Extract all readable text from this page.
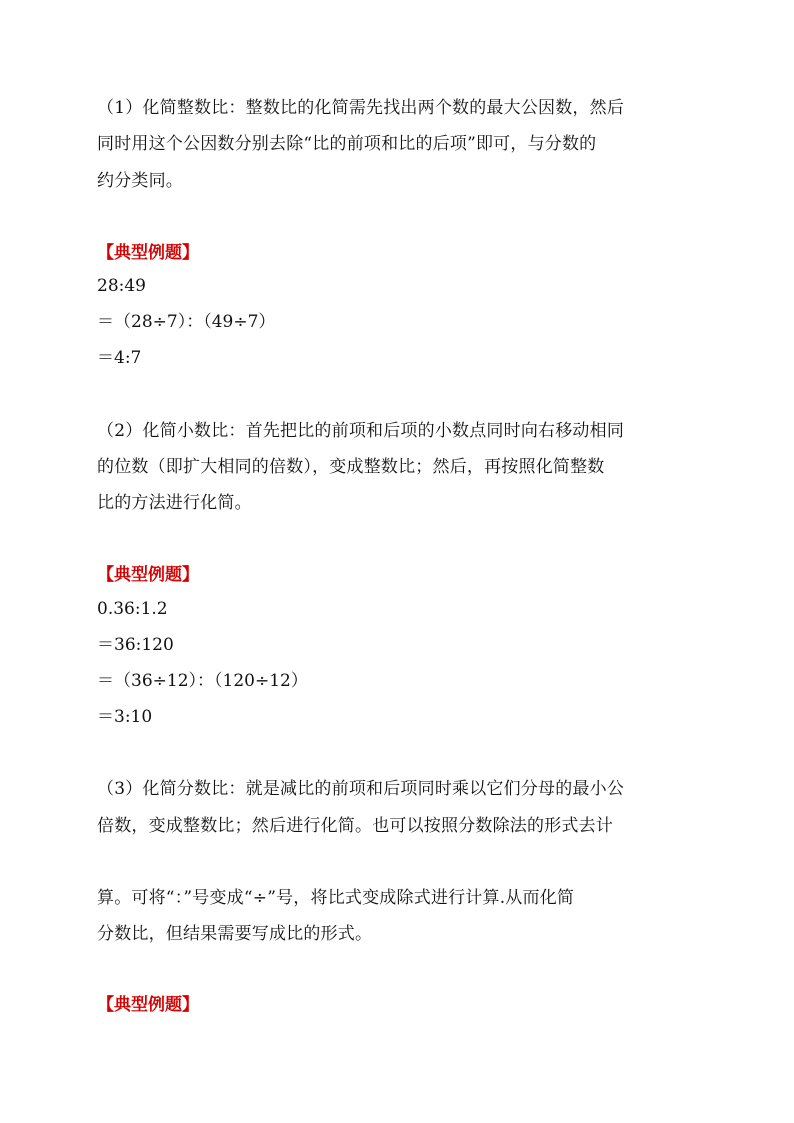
（1）化简整数比：整数比的化简需先找出两个数的最大公因数，然后
同时用这个公因数分别去除“比的前项和比的后项”即可，与分数的
约分类同。
【典型例题】
28:49
＝（28÷7）：（49÷7）
＝4:7
（2）化简小数比：首先把比的前项和后项的小数点同时向右移动相同
的位数（即扩大相同的倍数），变成整数比；然后，再按照化简整数
比的方法进行化简。
【典型例题】
0.36:1.2
＝36:120
＝（36÷12）：（120÷12）
＝3:10
（3）化简分数比：就是减比的前项和后项同时乘以它们分母的最小公
倍数，变成整数比；然后进行化简。也可以按照分数除法的形式去计
算。可将“：”号变成“÷”号，将比式变成除式进行计算.从而化简
分数比，但结果需要写成比的形式。
【典型例题】
